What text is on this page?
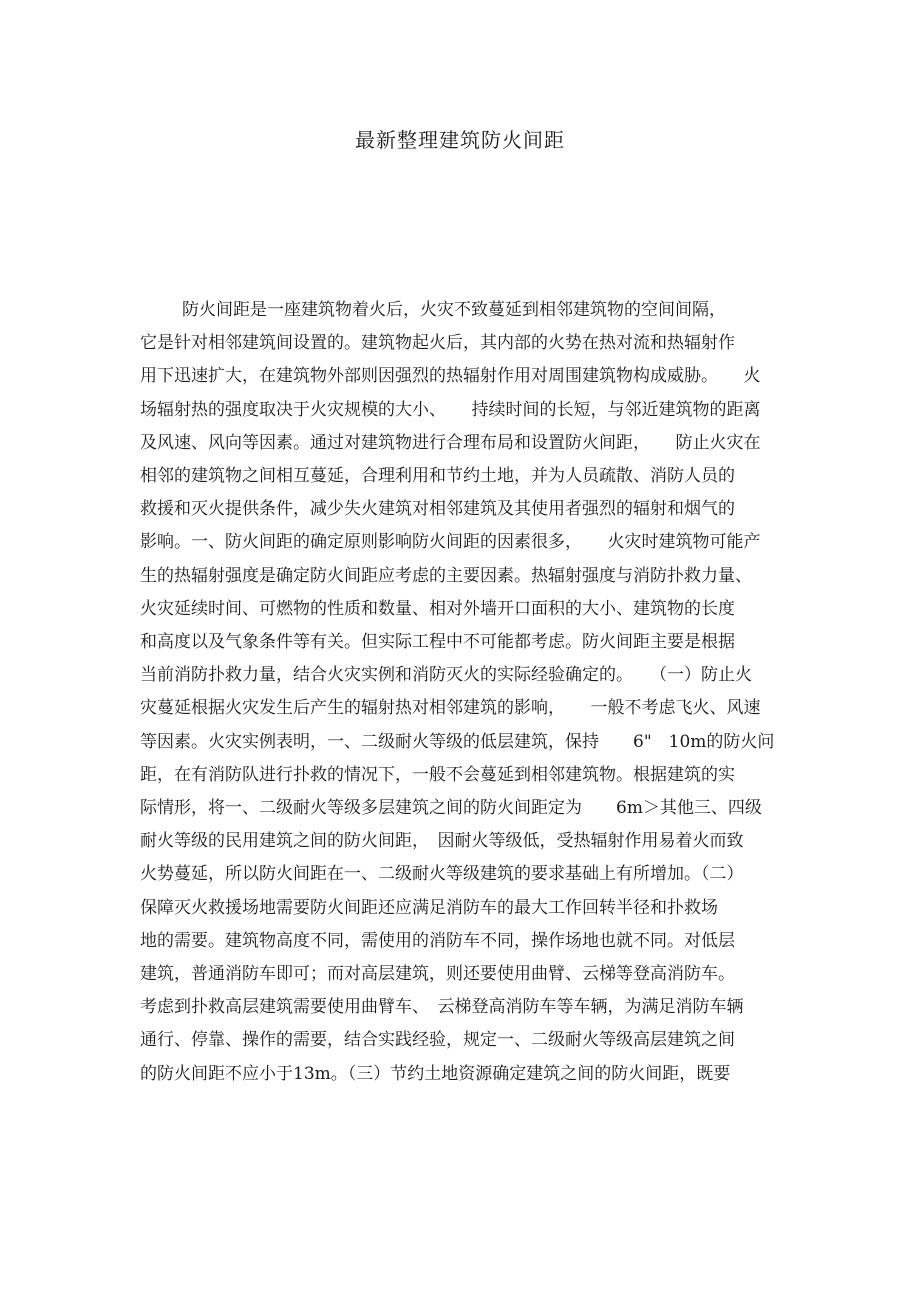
最新整理建筑防火间距
防火间距是一座建筑物着火后，火灾不致蔓延到相邻建筑物的空间间隔，
它是针对相邻建筑间设置的。建筑物起火后，其内部的火势在热对流和热辐射作
用下迅速扩大，在建筑物外部则因强烈的热辐射作用对周围建筑物构成威胁。　　火
场辐射热的强度取决于火灾规模的大小、　　持续时间的长短，与邻近建筑物的距离
及风速、风向等因素。通过对建筑物进行合理布局和设置防火间距，　　防止火灾在
相邻的建筑物之间相互蔓延，合理利用和节约土地，并为人员疏散、消防人员的
救援和灭火提供条件，减少失火建筑对相邻建筑及其使用者强烈的辐射和烟气的
影响。一、防火间距的确定原则影响防火间距的因素很多，　　火灾时建筑物可能产
生的热辐射强度是确定防火间距应考虑的主要因素。热辐射强度与消防扑救力量、
火灾延续时间、可燃物的性质和数量、相对外墙开口面积的大小、建筑物的长度
和高度以及气象条件等有关。但实际工程中不可能都考虑。防火间距主要是根据
当前消防扑救力量，结合火灾实例和消防灭火的实际经验确定的。　　（一）防止火
灾蔓延根据火灾发生后产生的辐射热对相邻建筑的影响，　　一般不考虑飞火、风速
等因素。火灾实例表明，一、二级耐火等级的低层建筑，保持　　6"　10m的防火问
距，在有消防队进行扑救的情况下，一般不会蔓延到相邻建筑物。根据建筑的实
际情形，将一、二级耐火等级多层建筑之间的防火间距定为　　6m＞其他三、四级
耐火等级的民用建筑之间的防火间距，　因耐火等级低，受热辐射作用易着火而致
火势蔓延，所以防火间距在一、二级耐火等级建筑的要求基础上有所增加。（二）
保障灭火救援场地需要防火间距还应满足消防车的最大工作回转半径和扑救场
地的需要。建筑物高度不同，需使用的消防车不同，操作场地也就不同。对低层
建筑，普通消防车即可；而对高层建筑，则还要使用曲臂、云梯等登高消防车。
考虑到扑救高层建筑需要使用曲臂车、　云梯登高消防车等车辆，为满足消防车辆
通行、停靠、操作的需要，结合实践经验，规定一、二级耐火等级高层建筑之间
的防火间距不应小于13m。（三）节约土地资源确定建筑之间的防火间距，既要
